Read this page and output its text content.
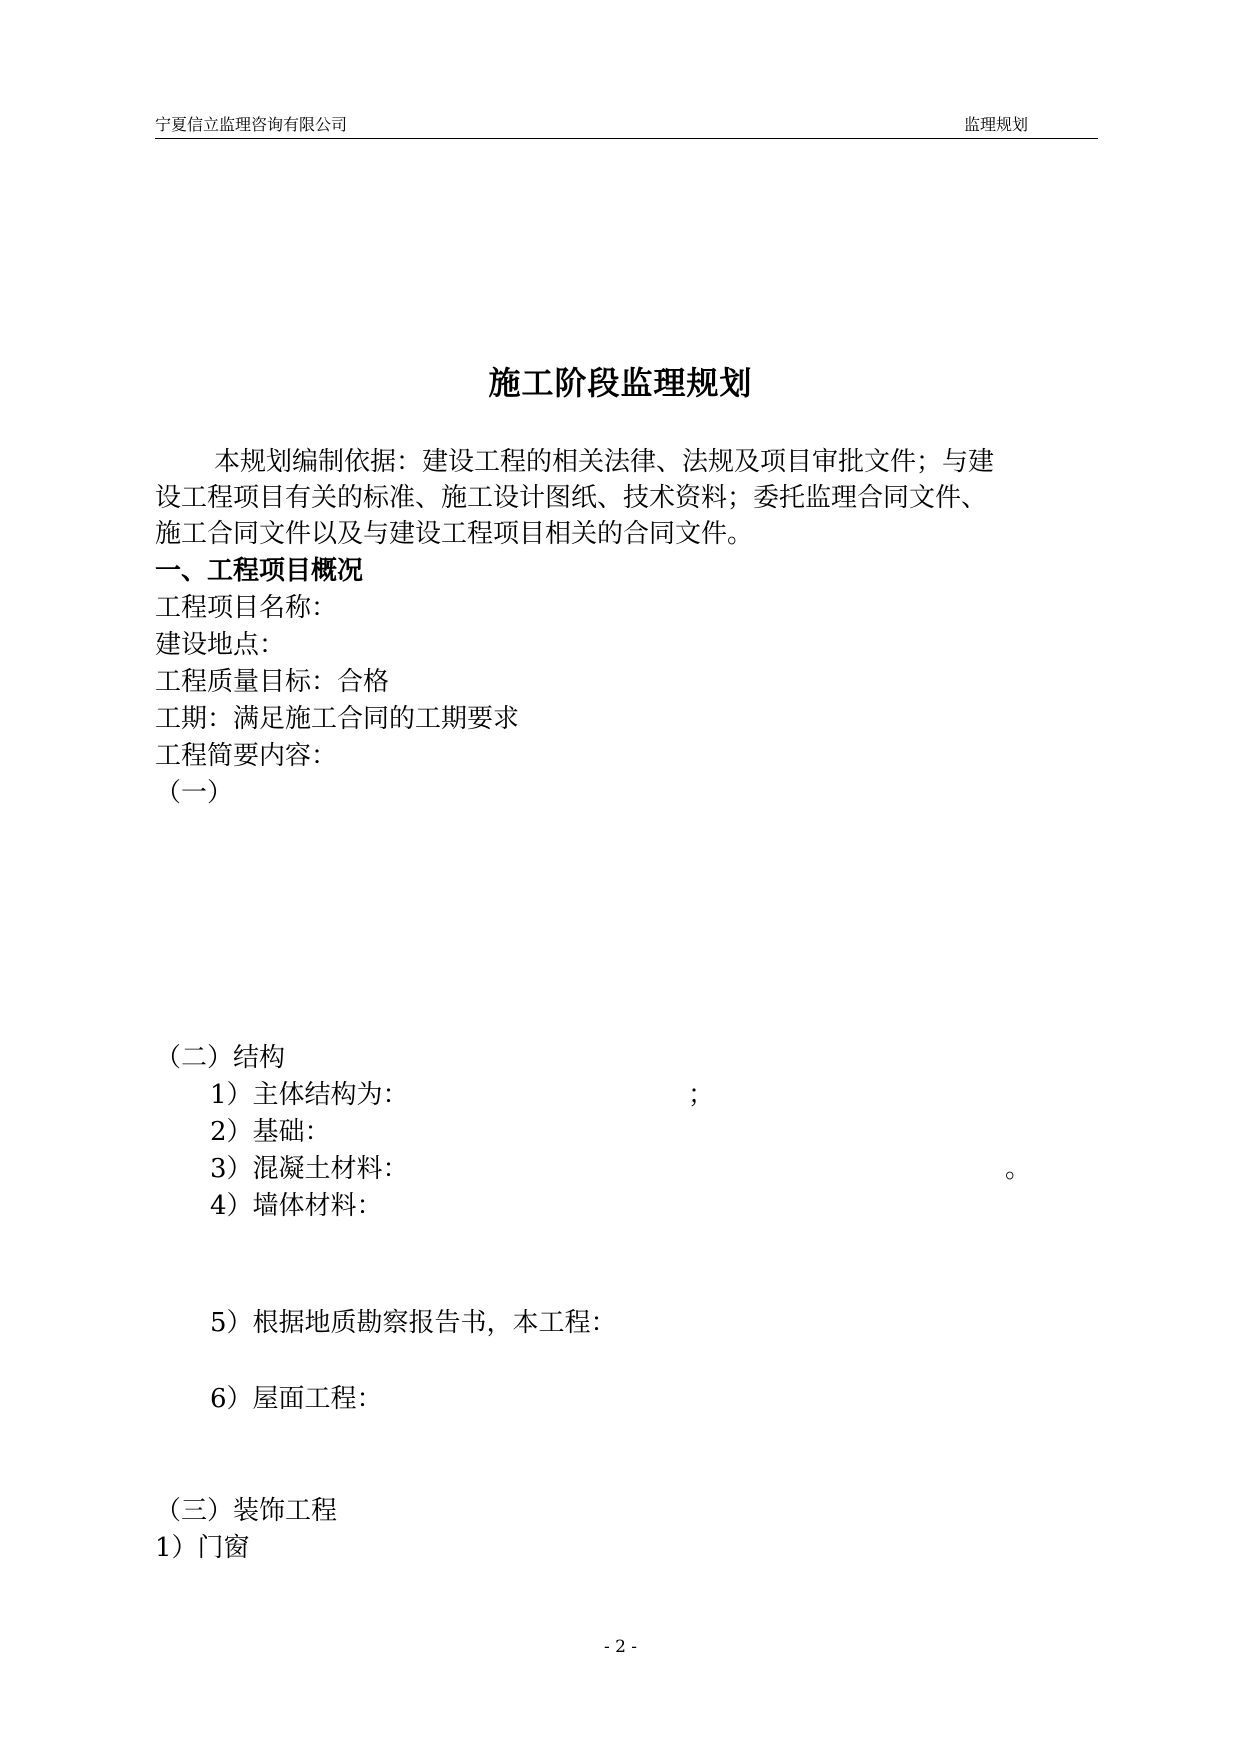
宁夏信立监理咨询有限公司	监理规划
施工阶段监理规划
本规划编制依据：建设工程的相关法律、法规及项目审批文件；与建
设工程项目有关的标准、施工设计图纸、技术资料；委托监理合同文件、
施工合同文件以及与建设工程项目相关的合同文件。
一、工程项目概况
工程项目名称：
建设地点：
工程质量目标：合格
工期：满足施工合同的工期要求
工程简要内容：
（一）
（二）结构
1）主体结构为：	；
2）基础：
3）混凝土材料：	。
4）墙体材料：
5）根据地质勘察报告书，本工程：
6）屋面工程：
（三）装饰工程
1）门窗
- 2 -
